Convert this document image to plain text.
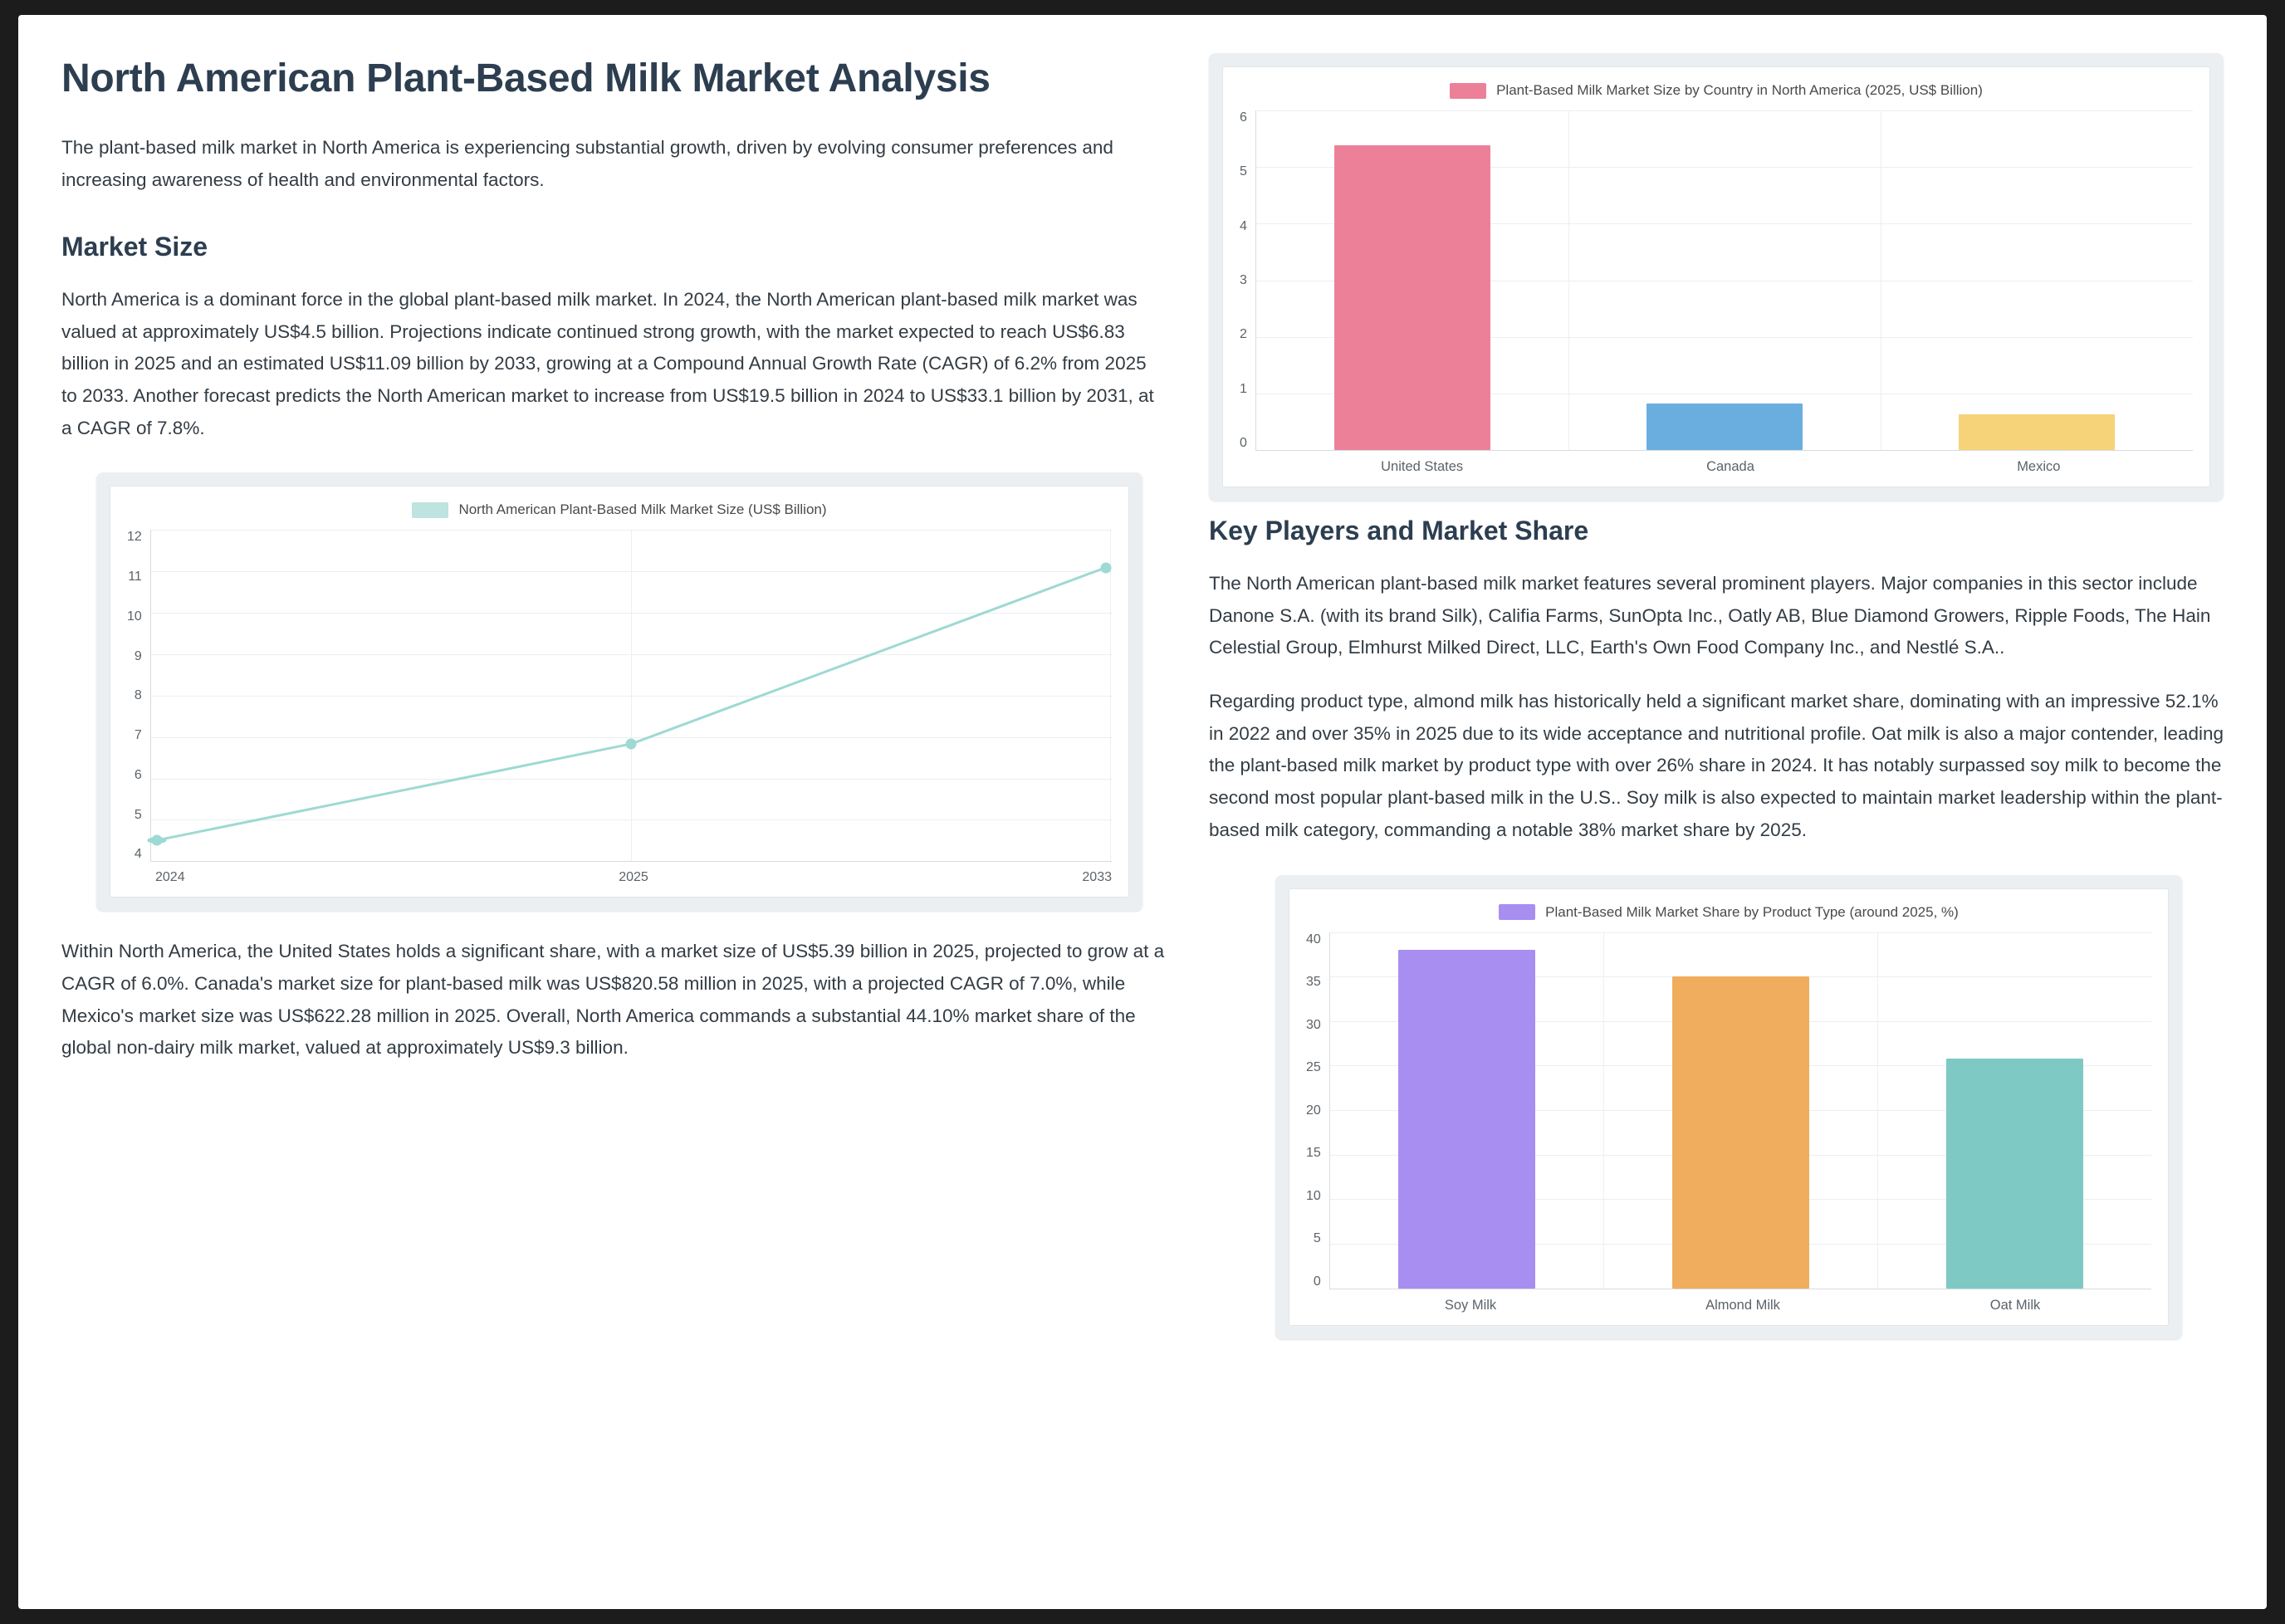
North American Plant-Based Milk Market Analysis

The plant-based milk market in North America is experiencing substantial growth, driven by evolving consumer preferences and increasing awareness of health and environmental factors.

Market Size

North America is a dominant force in the global plant-based milk market. In 2024, the North American plant-based milk market was valued at approximately US$4.5 billion. Projections indicate continued strong growth, with the market expected to reach US$6.83 billion in 2025 and an estimated US$11.09 billion by 2033, growing at a Compound Annual Growth Rate (CAGR) of 6.2% from 2025 to 2033. Another forecast predicts the North American market to increase from US$19.5 billion in 2024 to US$33.1 billion by 2031, at a CAGR of 7.8%.

North American Plant-Based Milk Market Size (US$ Billion)
12
11
10
9
8
7
6
5
4
2024	2025	2033

Within North America, the United States holds a significant share, with a market size of US$5.39 billion in 2025, projected to grow at a CAGR of 6.0%. Canada's market size for plant-based milk was US$820.58 million in 2025, with a projected CAGR of 7.0%, while Mexico's market size was US$622.28 million in 2025. Overall, North America commands a substantial 44.10% market share of the global non-dairy milk market, valued at approximately US$9.3 billion.

Plant-Based Milk Market Size by Country in North America (2025, US$ Billion)
6
5
4
3
2
1
0
United States	Canada	Mexico
Key Players and Market Share

The North American plant-based milk market features several prominent players. Major companies in this sector include Danone S.A. (with its brand Silk), Califia Farms, SunOpta Inc., Oatly AB, Blue Diamond Growers, Ripple Foods, The Hain Celestial Group, Elmhurst Milked Direct, LLC, Earth's Own Food Company Inc., and Nestlé S.A..

Regarding product type, almond milk has historically held a significant market share, dominating with an impressive 52.1% in 2022 and over 35% in 2025 due to its wide acceptance and nutritional profile. Oat milk is also a major contender, leading the plant-based milk market by product type with over 26% share in 2024. It has notably surpassed soy milk to become the second most popular plant-based milk in the U.S.. Soy milk is also expected to maintain market leadership within the plant-based milk category, commanding a notable 38% market share by 2025.

Plant-Based Milk Market Share by Product Type (around 2025, %)
40
35
30
25
20
15
10
5
0
Soy Milk	Almond Milk	Oat Milk
